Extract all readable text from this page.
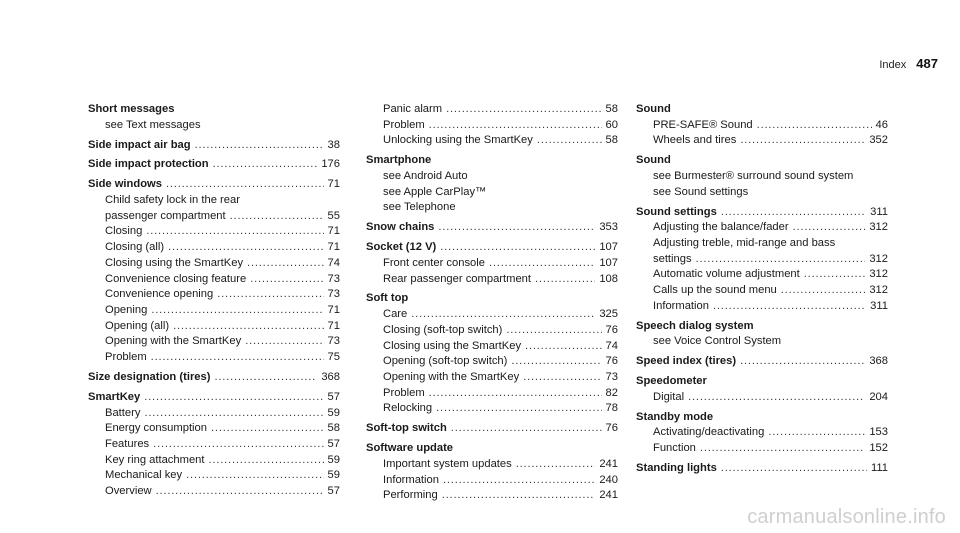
Index 487
Short messages
see Text messages
Side impact air bag .....	38
Side impact protection .....	176
Side windows .....	71
Child safety lock in the rear
passenger compartment .....	55
Closing .....	71
Closing (all) .....	71
Closing using the SmartKey .....	74
Convenience closing feature .....	73
Convenience opening .....	73
Opening .....	71
Opening (all) .....	71
Opening with the SmartKey .....	73
Problem .....	75
Size designation (tires) .....	368
SmartKey .....	57
Battery .....	59
Energy consumption .....	58
Features .....	57
Key ring attachment .....	59
Mechanical key .....	59
Overview .....	57
Panic alarm .....	58
Problem .....	60
Unlocking using the SmartKey .....	58
Smartphone
see Android Auto
see Apple CarPlay™
see Telephone
Snow chains .....	353
Socket (12 V) .....	107
Front center console .....	107
Rear passenger compartment .....	108
Soft top
Care .....	325
Closing (soft-top switch) .....	76
Closing using the SmartKey .....	74
Opening (soft-top switch) .....	76
Opening with the SmartKey .....	73
Problem .....	82
Relocking .....	78
Soft-top switch .....	76
Software update
Important system updates .....	241
Information .....	240
Performing .....	241
Sound
PRE-SAFE® Sound .....	46
Wheels and tires .....	352
Sound
see Burmester® surround sound system
see Sound settings
Sound settings .....	311
Adjusting the balance/fader .....	312
Adjusting treble, mid-range and bass
settings .....	312
Automatic volume adjustment .....	312
Calls up the sound menu .....	312
Information .....	311
Speech dialog system
see Voice Control System
Speed index (tires) .....	368
Speedometer
Digital .....	204
Standby mode
Activating/deactivating .....	153
Function .....	152
Standing lights .....	111
carmanualsonline.info
